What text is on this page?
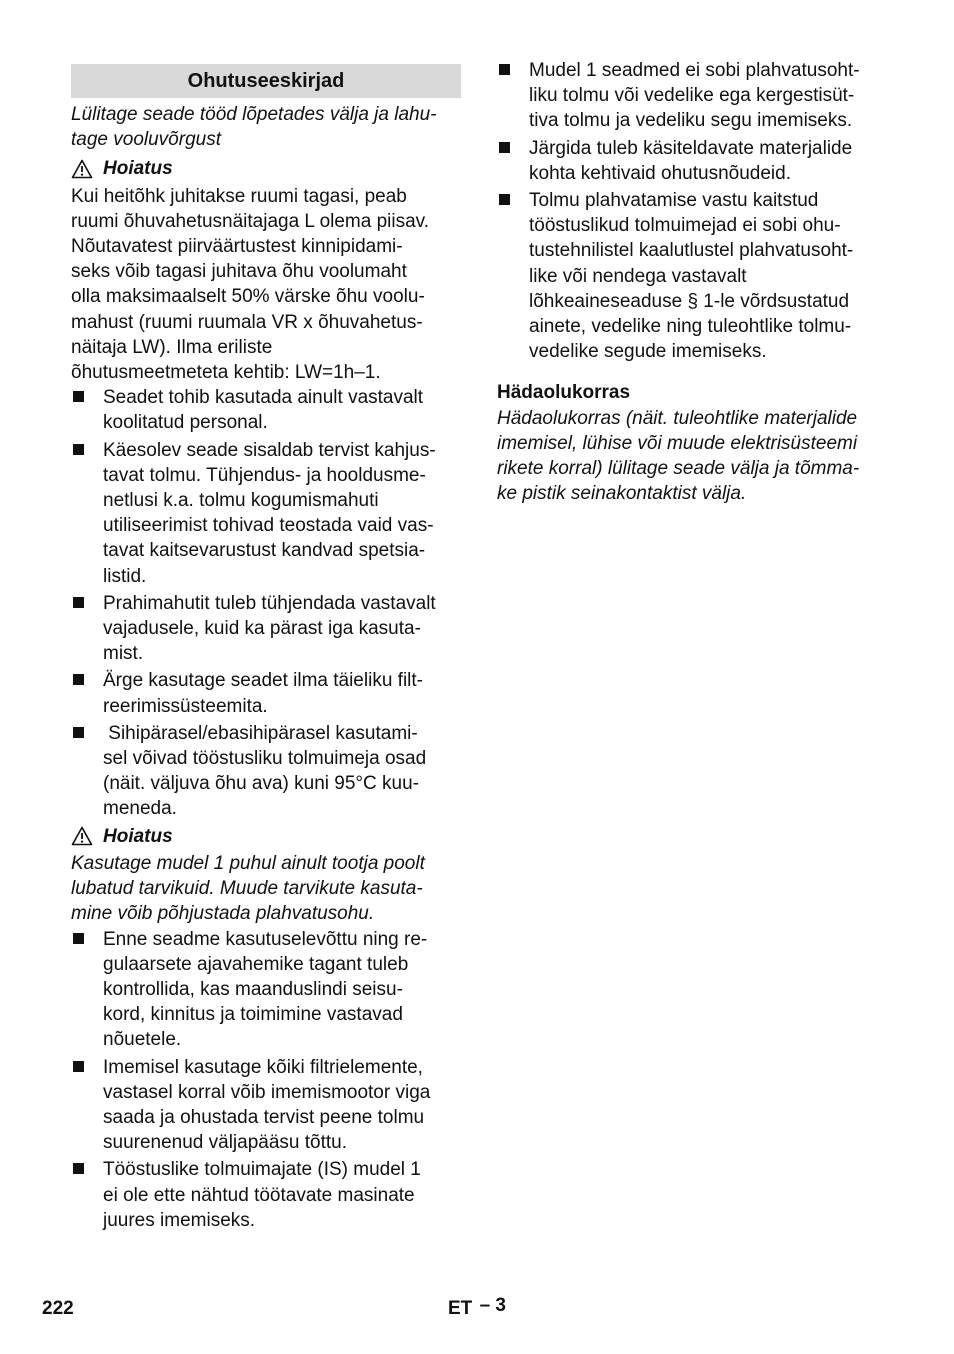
Ohutuseeskirjad
Lülitage seade tööd lõpetades välja ja lahu-
tage vooluvõrgust
Hoiatus
Kui heitõhk juhitakse ruumi tagasi, peab
ruumi õhuvahetusnäitajaga L olema piisav.
Nõutavatest piirväärtustest kinnipidami-
seks võib tagasi juhitava õhu voolumaht
olla maksimaalselt 50% värske õhu voolu-
mahust (ruumi ruumala VR x õhuvahetus-
näitaja LW). Ilma eriliste
õhutusmeetmeteta kehtib: LW=1h–1.
Seadet tohib kasutada ainult vastavalt
koolitatud personal.
Käesolev seade sisaldab tervist kahjus-
tavat tolmu. Tühjendus- ja hooldusme-
netlusi k.a. tolmu kogumismahuti
utiliseerimist tohivad teostada vaid vas-
tavat kaitsevarustust kandvad spetsia-
listid.
Prahimahutit tuleb tühjendada vastavalt
vajadusele, kuid ka pärast iga kasuta-
mist.
Ärge kasutage seadet ilma täieliku filt-
reerimissüsteemita.
Sihipärasel/ebasihipärasel kasutami-
sel võivad tööstusliku tolmuimeja osad
(näit. väljuva õhu ava) kuni 95°C kuu-
meneda.
Hoiatus
Kasutage mudel 1 puhul ainult tootja poolt
lubatud tarvikuid. Muude tarvikute kasuta-
mine võib põhjustada plahvatusohu.
Enne seadme kasutuselevõttu ning re-
gulaarsete ajavahemike tagant tuleb
kontrollida, kas maanduslindi seisu-
kord, kinnitus ja toimimine vastavad
nõuetele.
Imemisel kasutage kõiki filtrielemente,
vastasel korral võib imemismootor viga
saada ja ohustada tervist peene tolmu
suurenenud väljapääsu tõttu.
Tööstuslike tolmuimajate (IS) mudel 1
ei ole ette nähtud töötavate masinate
juures imemiseks.
Mudel 1 seadmed ei sobi plahvatusoht-
liku tolmu või vedelike ega kergestisüt-
tiva tolmu ja vedeliku segu imemiseks.
Järgida tuleb käsiteldavate materjalide
kohta kehtivaid ohutusnõudeid.
Tolmu plahvatamise vastu kaitstud
tööstuslikud tolmuimejad ei sobi ohu-
tustehnilistel kaalutlustel plahvatusoht-
like või nendega vastavalt
lõhkeaineseaduse § 1-le võrdsustatud
ainete, vedelike ning tuleohtlike tolmu-
vedelike segude imemiseks.
Hädaolukorras
Hädaolukorras (näit. tuleohtlike materjalide
imemisel, lühise või muude elektrisüsteemi
rikete korral) lülitage seade välja ja tõmma-
ke pistik seinakontaktist välja.
222	ET – 3
